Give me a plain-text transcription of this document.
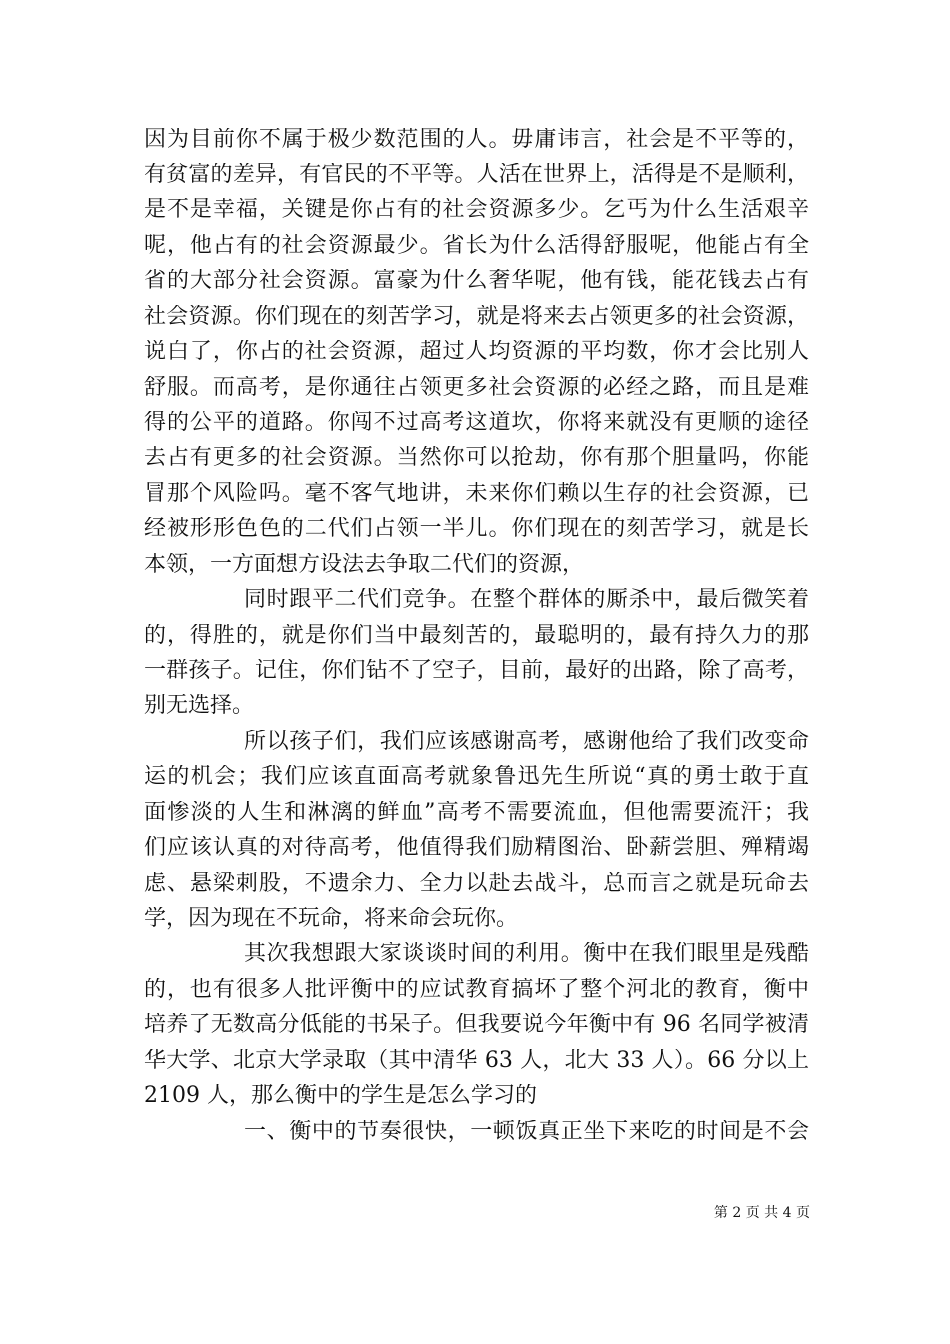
因为目前你不属于极少数范围的人。毋庸讳言，社会是不平等的，
有贫富的差异，有官民的不平等。人活在世界上，活得是不是顺利，
是不是幸福，关键是你占有的社会资源多少。乞丐为什么生活艰辛
呢，他占有的社会资源最少。省长为什么活得舒服呢，他能占有全
省的大部分社会资源。富豪为什么奢华呢，他有钱，能花钱去占有
社会资源。你们现在的刻苦学习，就是将来去占领更多的社会资源，
说白了，你占的社会资源，超过人均资源的平均数，你才会比别人
舒服。而高考，是你通往占领更多社会资源的必经之路，而且是难
得的公平的道路。你闯不过高考这道坎，你将来就没有更顺的途径
去占有更多的社会资源。当然你可以抢劫，你有那个胆量吗，你能
冒那个风险吗。毫不客气地讲，未来你们赖以生存的社会资源，已
经被形形色色的二代们占领一半儿。你们现在的刻苦学习，就是长
本领，一方面想方设法去争取二代们的资源，
同时跟平二代们竞争。在整个群体的厮杀中，最后微笑着
的，得胜的，就是你们当中最刻苦的，最聪明的，最有持久力的那
一群孩子。记住，你们钻不了空子，目前，最好的出路，除了高考，
别无选择。
所以孩子们，我们应该感谢高考，感谢他给了我们改变命
运的机会；我们应该直面高考就象鲁迅先生所说“真的勇士敢于直
面惨淡的人生和淋漓的鲜血”高考不需要流血，但他需要流汗；我
们应该认真的对待高考，他值得我们励精图治、卧薪尝胆、殚精竭
虑、悬梁刺股，不遗余力、全力以赴去战斗，总而言之就是玩命去
学，因为现在不玩命，将来命会玩你。
其次我想跟大家谈谈时间的利用。衡中在我们眼里是残酷
的，也有很多人批评衡中的应试教育搞坏了整个河北的教育，衡中
培养了无数高分低能的书呆子。但我要说今年衡中有 96 名同学被清
华大学、北京大学录取（其中清华 63 人，北大 33 人）。66 分以上
2109 人，那么衡中的学生是怎么学习的
一、衡中的节奏很快，一顿饭真正坐下来吃的时间是不会
第 2 页 共 4 页
